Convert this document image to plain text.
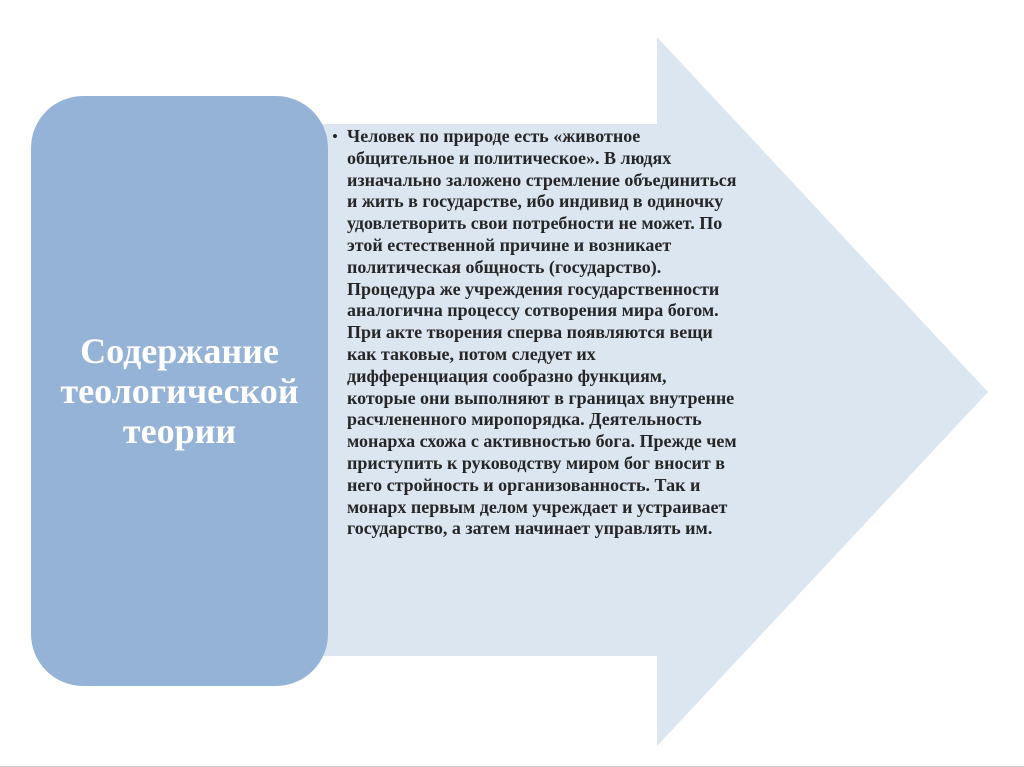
Содержание теологической теории
• Человек по природе есть «животное общительное и политическое». В людях изначально заложено стремление объединиться и жить в государстве, ибо индивид в одиночку удовлетворить свои потребности не может. По этой естественной причине и возникает политическая общность (государство). Процедура же учреждения государственности аналогична процессу сотворения мира богом. При акте творения сперва появляются вещи как таковые, потом следует их дифференциация сообразно функциям, которые они выполняют в границах внутренне расчлененного миропорядка. Деятельность монарха схожа с активностью бога. Прежде чем приступить к руководству миром бог вносит в него стройность и организованность. Так и монарх первым делом учреждает и устраивает государство, а затем начинает управлять им.
